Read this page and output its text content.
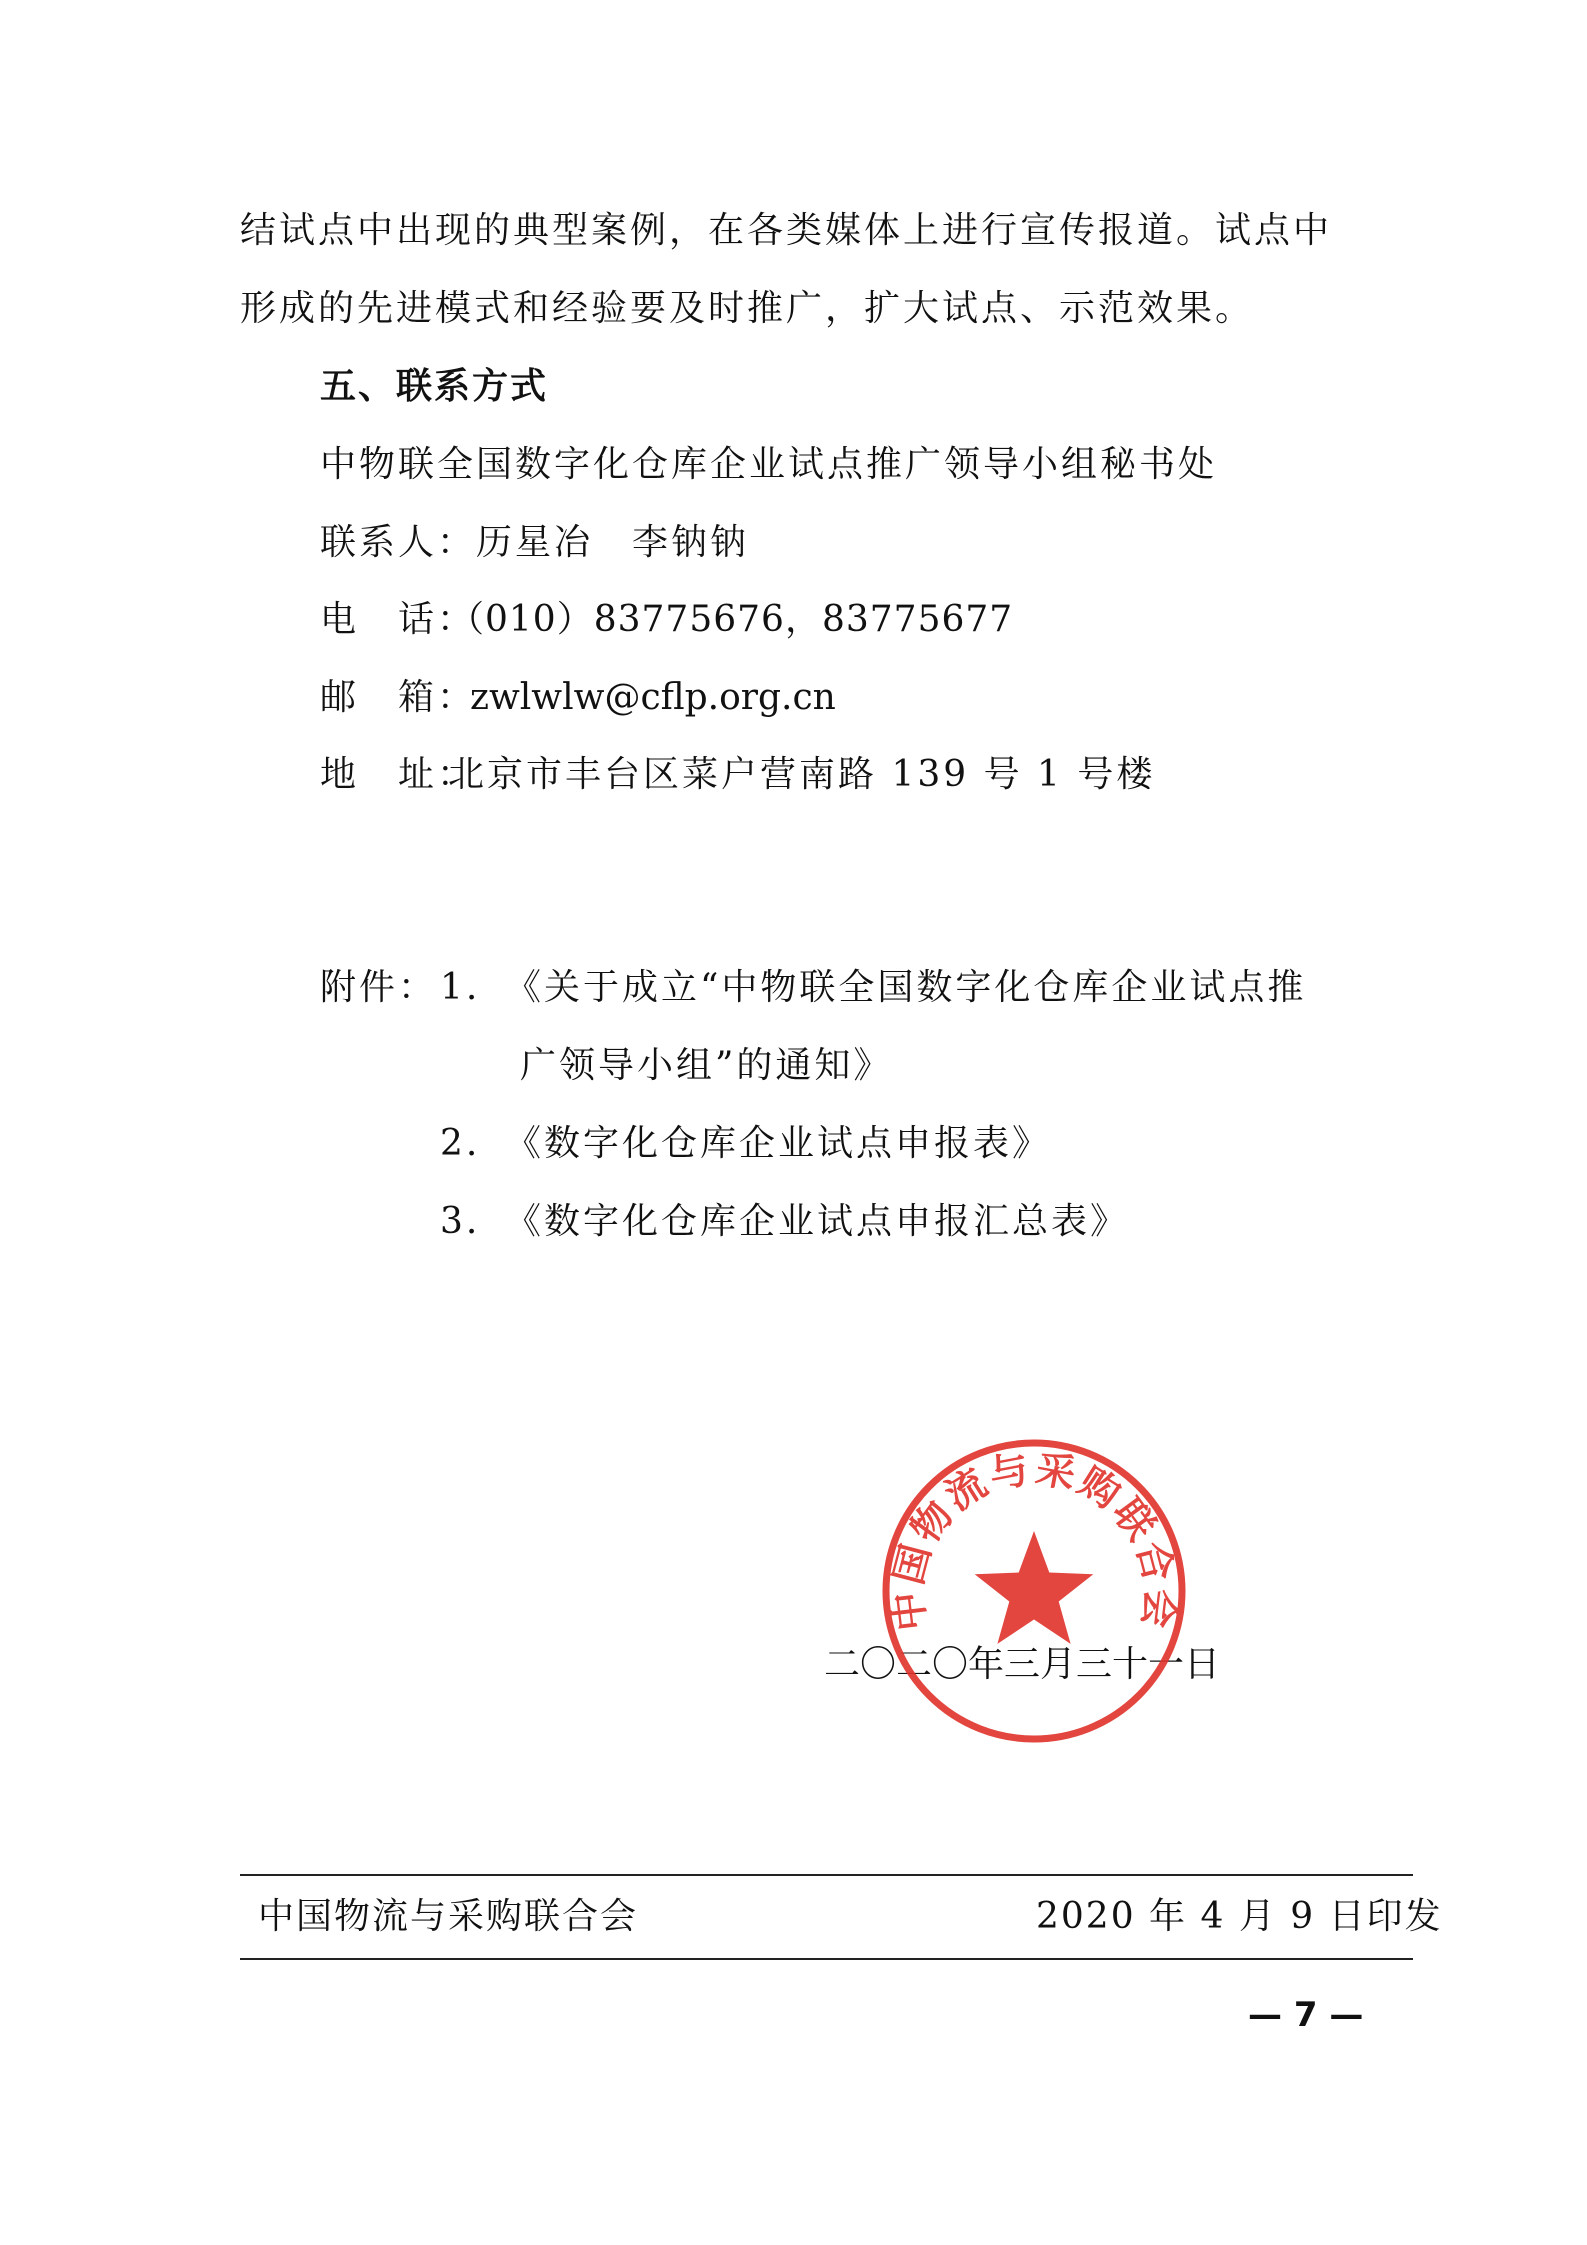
结试点中出现的典型案例，在各类媒体上进行宣传报道。试点中
形成的先进模式和经验要及时推广，扩大试点、示范效果。
五、联系方式
中物联全国数字化仓库企业试点推广领导小组秘书处
联系人：历星冶　李钠钠
电　话：（010）83775676，83775677
邮　箱：zwlwlw@cflp.org.cn
地　址：北京市丰台区菜户营南路 139 号 1 号楼
附件： 1. 《关于成立“中物联全国数字化仓库企业试点推
广领导小组”的通知》
2. 《数字化仓库企业试点申报表》
3. 《数字化仓库企业试点申报汇总表》
二〇二〇年三月三十一日
中国物流与采购联合会
中国物流与采购联合会	2020 年 4 月 9 日印发
— 7 —
